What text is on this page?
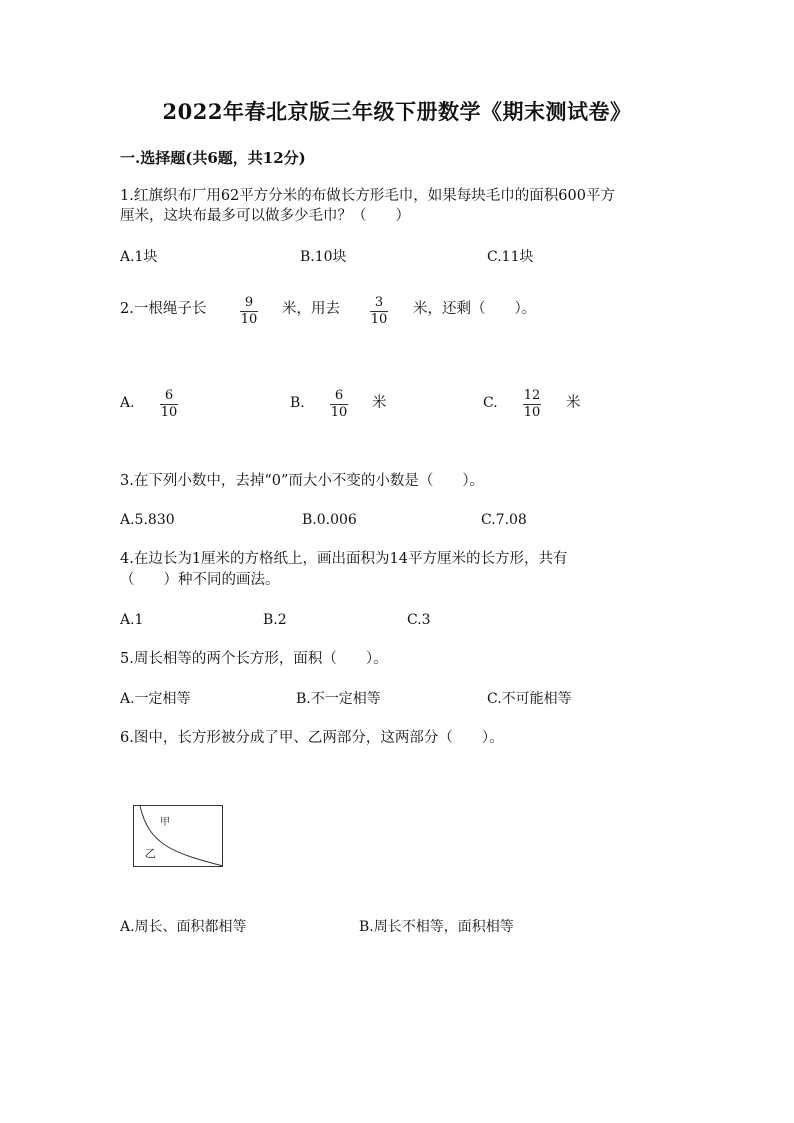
2022年春北京版三年级下册数学《期末测试卷》
一.选择题(共6题，共12分)
1.红旗织布厂用62平方分米的布做长方形毛巾，如果每块毛巾的面积600平方
厘米，这块布最多可以做多少毛巾？（　　）
A.1块	B.10块	C.11块
2.一根绳子长	9
10
米，用去	3
10
米，还剩（　　）。
A. 6
10
B. 6
10
米	C. 12
10
米
3.在下列小数中，去掉“0”而大小不变的小数是（　　）。
A.5.830	B.0.006	C.7.08
4.在边长为1厘米的方格纸上，画出面积为14平方厘米的长方形，共有
（　　）种不同的画法。
A.1	B.2	C.3
5.周长相等的两个长方形，面积（　　）。
A.一定相等	B.不一定相等	C.不可能相等
6.图中，长方形被分成了甲、乙两部分，这两部分（　　）。
甲
乙
A.周长、面积都相等	B.周长不相等，面积相等
